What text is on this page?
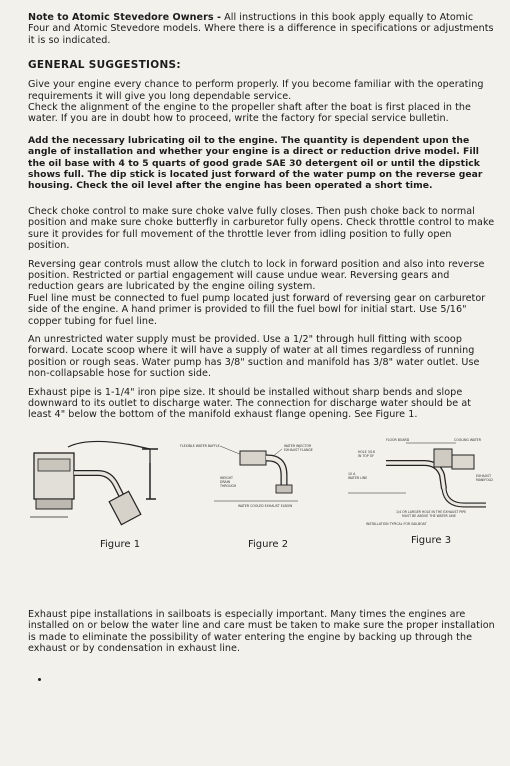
Note to Atomic Stevedore Owners - All instructions in this book apply equally to Atomic Four and Atomic Stevedore models. Where there is a difference in specifications or adjustments it is so indicated.

GENERAL SUGGESTIONS:

Give your engine every chance to perform properly. If you become familiar with the operating requirements it will give you long dependable service.

Check the alignment of the engine to the propeller shaft after the boat is first placed in the water. If you are in doubt how to proceed, write the factory for special service bulletin.

Add the necessary lubricating oil to the engine. The quantity is dependent upon the angle of installation and whether your engine is a direct or reduction drive model. Fill the oil base with 4 to 5 quarts of good grade SAE 30 detergent oil or until the dipstick shows full. The dip stick is located just forward of the water pump on the reverse gear housing. Check the oil level after the engine has been operated a short time.

Check choke control to make sure choke valve fully closes. Then push choke back to normal position and make sure choke butterfly in carburetor fully opens. Check throttle control to make sure it provides for full movement of the throttle lever from idling position to fully open position.

Reversing gear controls must allow the clutch to lock in forward position and also into reverse position. Restricted or partial engagement will cause undue wear. Reversing gears and reduction gears are lubricated by the engine oiling system.

Fuel line must be connected to fuel pump located just forward of reversing gear on carburetor side of the engine. A hand primer is provided to fill the fuel bowl for initial start. Use 5/16" copper tubing for fuel line.

An unrestricted water supply must be provided. Use a 1/2" through hull fitting with scoop forward. Locate scoop where it will have a supply of water at all times regardless of running position or rough seas. Water pump has 3/8" suction and manifold has 3/8" water outlet. Use non-collapsable hose for suction side.

Exhaust pipe is 1-1/4" iron pipe size. It should be installed without sharp bends and slope downward to its outlet to discharge water. The connection for discharge water should be at least 4" below the bottom of the manifold exhaust flange opening. See Figure 1.

FLEXIBLE WATER BAFFLE	WATER INJECTOR
EXHAUST FLANGE
WEIGHT
DRAIN
THROUGH
WATER COOLED EXHAUST ELBOW
FLOOR BOARD	COOLING WATER
HOLE 3/16
IN TOP OF
10 A
WATER LINE	EXHAUST
MANIFOLD
1/4 OR LARGER HOLE IN THE EXHAUST PIPE
MUST BE ABOVE THE WATER LINE
INSTALLATION TYPICAL FOR SAILBOAT
Figure 1	Figure 2	Figure 3

Exhaust pipe installations in sailboats is especially important. Many times the engines are installed on or below the water line and care must be taken to make sure the proper installation is made to eliminate the possibility of water entering the engine by backing up through the exhaust or by condensation in exhaust line.
